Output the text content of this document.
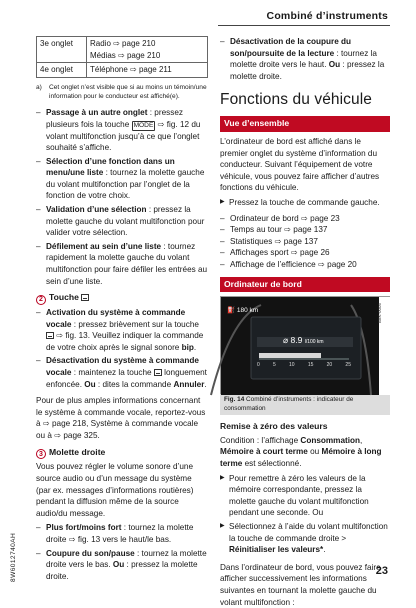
Combiné d’instruments
3e onglet	Radio ⇨ page 210
Médias ⇨ page 210

4e onglet	Téléphone ⇨ page 211
a)	Cet onglet n’est visible que si au moins un témoin/une information pour le conducteur est affiché(e).
– Passage à un autre onglet : pressez plusieurs fois la touche MODE ⇨ fig. 12 du volant multifonction jusqu’à ce que l’onglet souhaité s’affiche.
– Sélection d’une fonction dans un menu/une liste : tournez la molette gauche du volant multifonction par l’onglet de la fonction de votre choix.
– Validation d’une sélection : pressez la molette gauche du volant multifonction pour valider votre sélection.
– Défilement au sein d’une liste : tournez rapidement la molette gauche du volant multifonction pour faire défiler les entrées au sein d’une liste.
2 Touche
– Activation du système à commande vocale : pressez brièvement sur la touche  ⇨ fig. 13. Veuillez indiquer la commande de votre choix après le signal sonore bip.
– Désactivation du système à commande vocale : maintenez la touche  longuement enfoncée. Ou : dites la commande Annuler.

Pour de plus amples informations concernant le système à commande vocale, reportez-vous à ⇨ page 218, Système à commande vocale ou à ⇨ page 325.

3 Molette droite

Vous pouvez régler le volume sonore d’une source audio ou d’un message du système (par ex. messages d’informations routières) pendant la diffusion même de la source audio/du message.

– Plus fort/moins fort : tournez la molette droite ⇨ fig. 13 vers le haut/le bas.
– Coupure du son/pause : tournez la molette droite vers le bas. Ou : pressez la molette droite.
– Désactivation de la coupure du son/poursuite de la lecture : tournez la molette droite vers le haut. Ou : pressez la molette droite.
Fonctions du véhicule
Vue d’ensemble

L’ordinateur de bord est affiché dans le premier onglet du système d’information du conducteur. Suivant l’équipement de votre véhicule, vous pouvez faire afficher d’autres fonctions du véhicule.

▶ Pressez la touche de commande gauche.
– Ordinateur de bord ⇨ page 23
– Temps au tour ⇨ page 137
– Statistiques ⇨ page 137
– Affichages sport ⇨ page 26
– Affichage de l’efficience ⇨ page 20
Ordinateur de bord
⛽ 180 km
⌀ 8.9 l/100 km
0	5	10	15	20	25
B8K-0005
Fig. 14 Combiné d’instruments : indicateur de consommation
Remise à zéro des valeurs

Condition : l’affichage Consommation, Mémoire à court terme ou Mémoire à long terme est sélectionné.

▶ Pour remettre à zéro les valeurs de la mémoire correspondante, pressez la molette gauche du volant multifonction pendant une seconde. Ou
▶ Sélectionnez à l’aide du volant multifonction la touche de commande droite > Réinitialiser les valeurs*.

Dans l’ordinateur de bord, vous pouvez faire afficher successivement les informations suivantes en tournant la molette gauche du volant multifonction :

8W6012740AH	23
